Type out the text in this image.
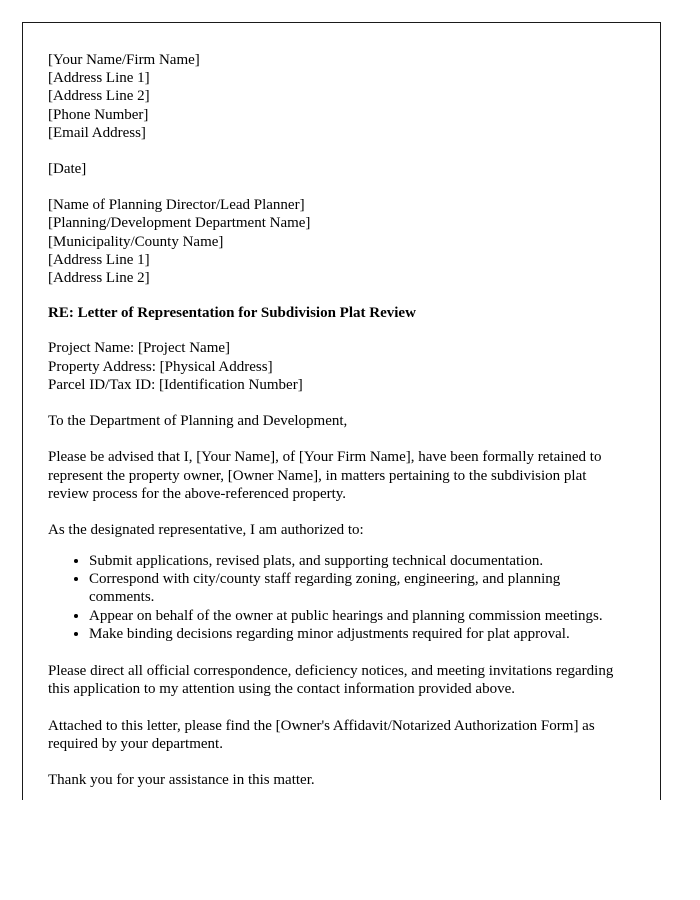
[Your Name/Firm Name]
[Address Line 1]
[Address Line 2]
[Phone Number]
[Email Address]
[Date]
[Name of Planning Director/Lead Planner]
[Planning/Development Department Name]
[Municipality/County Name]
[Address Line 1]
[Address Line 2]
RE: Letter of Representation for Subdivision Plat Review
Project Name: [Project Name]
Property Address: [Physical Address]
Parcel ID/Tax ID: [Identification Number]
To the Department of Planning and Development,
Please be advised that I, [Your Name], of [Your Firm Name], have been formally retained to represent the property owner, [Owner Name], in matters pertaining to the subdivision plat review process for the above-referenced property.
As the designated representative, I am authorized to:
• Submit applications, revised plats, and supporting technical documentation.
• Correspond with city/county staff regarding zoning, engineering, and planning comments.
• Appear on behalf of the owner at public hearings and planning commission meetings.
• Make binding decisions regarding minor adjustments required for plat approval.
Please direct all official correspondence, deficiency notices, and meeting invitations regarding this application to my attention using the contact information provided above.
Attached to this letter, please find the [Owner's Affidavit/Notarized Authorization Form] as required by your department.
Thank you for your assistance in this matter.
